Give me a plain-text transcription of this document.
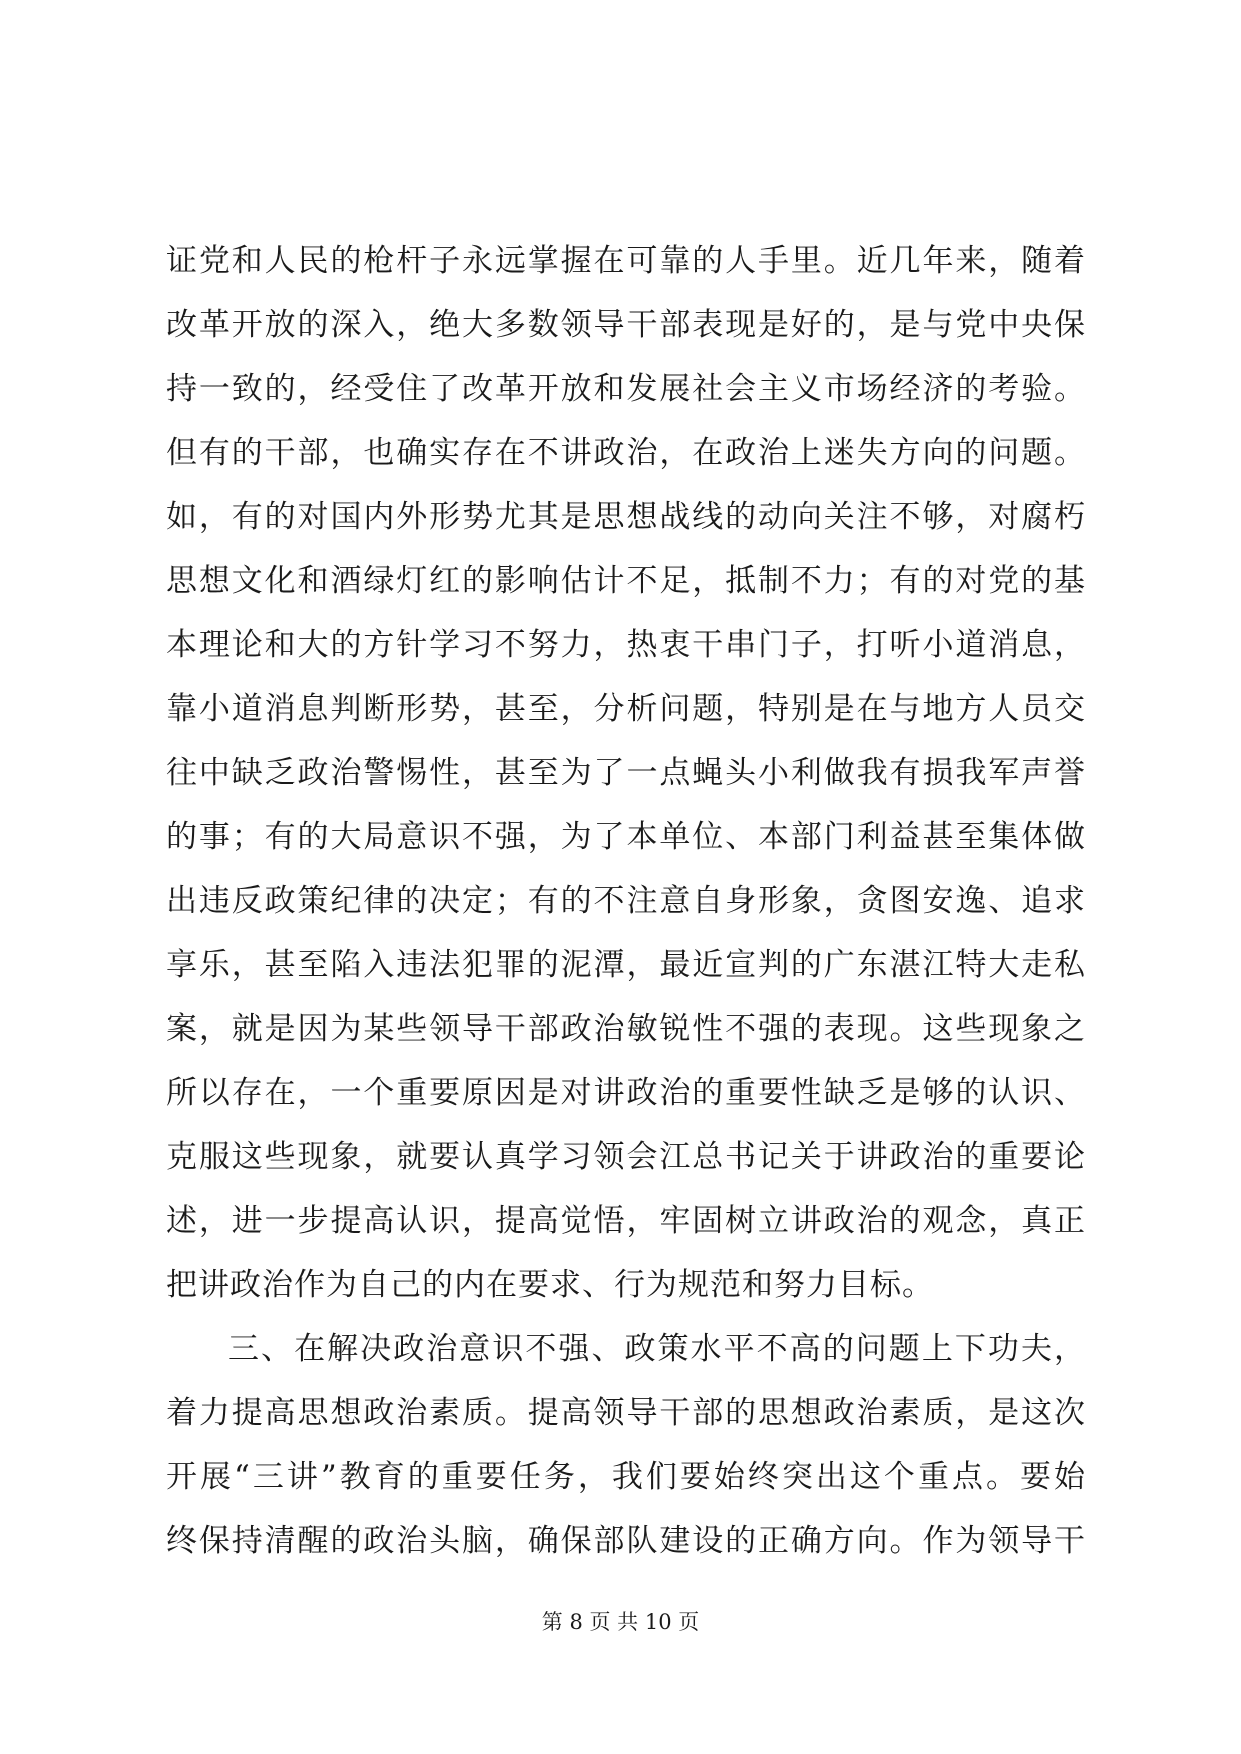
证党和人民的枪杆子永远掌握在可靠的人手里。近几年来，随着
改革开放的深入，绝大多数领导干部表现是好的，是与党中央保
持一致的，经受住了改革开放和发展社会主义市场经济的考验。
但有的干部，也确实存在不讲政治，在政治上迷失方向的问题。
如，有的对国内外形势尤其是思想战线的动向关注不够，对腐朽
思想文化和酒绿灯红的影响估计不足，抵制不力；有的对党的基
本理论和大的方针学习不努力，热衷干串门子，打听小道消息，
靠小道消息判断形势，甚至，分析问题，特别是在与地方人员交
往中缺乏政治警惕性，甚至为了一点蝇头小利做我有损我军声誉
的事；有的大局意识不强，为了本单位、本部门利益甚至集体做
出违反政策纪律的决定；有的不注意自身形象，贪图安逸、追求
享乐，甚至陷入违法犯罪的泥潭，最近宣判的广东湛江特大走私
案，就是因为某些领导干部政治敏锐性不强的表现。这些现象之
所以存在，一个重要原因是对讲政治的重要性缺乏是够的认识、
克服这些现象，就要认真学习领会江总书记关于讲政治的重要论
述，进一步提高认识，提高觉悟，牢固树立讲政治的观念，真正
把讲政治作为自己的内在要求、行为规范和努力目标。
三、在解决政治意识不强、政策水平不高的问题上下功夫，
着力提高思想政治素质。提高领导干部的思想政治素质，是这次
开展“三讲”教育的重要任务，我们要始终突出这个重点。要始
终保持清醒的政治头脑，确保部队建设的正确方向。作为领导干
第 8 页 共 10 页
